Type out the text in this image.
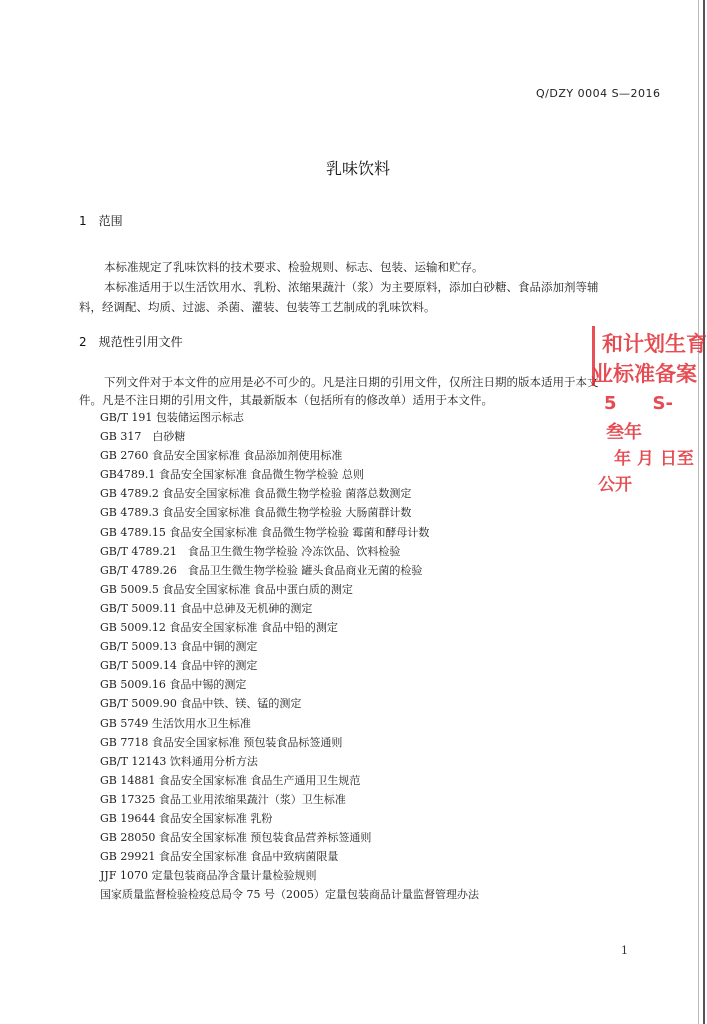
Q/DZY 0004 S—2016
乳味饮料
1　范围
本标准规定了乳味饮料的技术要求、检验规则、标志、包装、运输和贮存。
本标准适用于以生活饮用水、乳粉、浓缩果蔬汁（浆）为主要原料，添加白砂糖、食品添加剂等辅
料，经调配、均质、过滤、杀菌、灌装、包装等工艺制成的乳味饮料。
2　规范性引用文件
下列文件对于本文件的应用是必不可少的。凡是注日期的引用文件，仅所注日期的版本适用于本文
件。凡是不注日期的引用文件，其最新版本（包括所有的修改单）适用于本文件。
GB/T 191 包装储运图示标志
GB 317　白砂糖
GB 2760 食品安全国家标准 食品添加剂使用标准
GB4789.1 食品安全国家标准 食品微生物学检验 总则
GB 4789.2 食品安全国家标准 食品微生物学检验 菌落总数测定
GB 4789.3 食品安全国家标准 食品微生物学检验 大肠菌群计数
GB 4789.15 食品安全国家标准 食品微生物学检验 霉菌和酵母计数
GB/T 4789.21　食品卫生微生物学检验 冷冻饮品、饮料检验
GB/T 4789.26　食品卫生微生物学检验 罐头食品商业无菌的检验
GB 5009.5 食品安全国家标准 食品中蛋白质的测定
GB/T 5009.11 食品中总砷及无机砷的测定
GB 5009.12 食品安全国家标准 食品中铅的测定
GB/T 5009.13 食品中铜的测定
GB/T 5009.14 食品中锌的测定
GB 5009.16 食品中锡的测定
GB/T 5009.90 食品中铁、镁、锰的测定
GB 5749 生活饮用水卫生标准
GB 7718 食品安全国家标准 预包装食品标签通则
GB/T 12143 饮料通用分析方法
GB 14881 食品安全国家标准 食品生产通用卫生规范
GB 17325 食品工业用浓缩果蔬汁（浆）卫生标准
GB 19644 食品安全国家标准 乳粉
GB 28050 食品安全国家标准 预包装食品营养标签通则
GB 29921 食品安全国家标准 食品中致病菌限量
JJF 1070 定量包装商品净含量计量检验规则
国家质量监督检验检疫总局令 75 号（2005）定量包装商品计量监督管理办法
和计划生育
业标准备案
5　　S-
叁年
年 月 日至
公开
1
